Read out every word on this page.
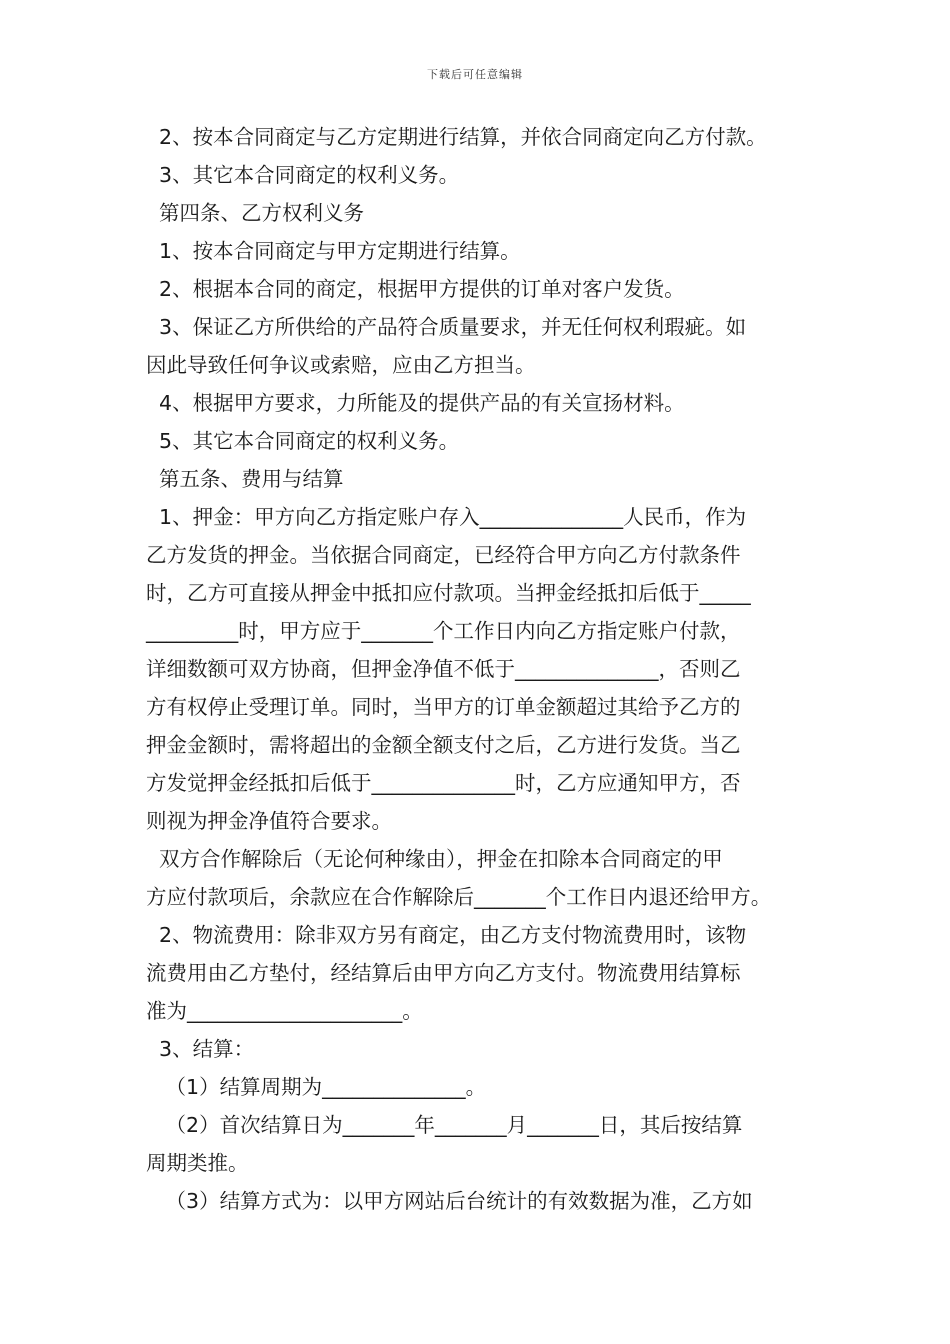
下载后可任意编辑
2、按本合同商定与乙方定期进行结算，并依合同商定向乙方付款。
3、其它本合同商定的权利义务。
第四条、乙方权利义务
1、按本合同商定与甲方定期进行结算。
2、根据本合同的商定，根据甲方提供的订单对客户发货。
3、保证乙方所供给的产品符合质量要求，并无任何权利瑕疵。如
因此导致任何争议或索赔，应由乙方担当。
4、根据甲方要求，力所能及的提供产品的有关宣扬材料。
5、其它本合同商定的权利义务。
第五条、费用与结算
1、押金：甲方向乙方指定账户存入______________人民币，作为
乙方发货的押金。当依据合同商定，已经符合甲方向乙方付款条件
时，乙方可直接从押金中抵扣应付款项。当押金经抵扣后低于_____
_________时，甲方应于_______个工作日内向乙方指定账户付款，
详细数额可双方协商，但押金净值不低于______________，否则乙
方有权停止受理订单。同时，当甲方的订单金额超过其给予乙方的
押金金额时，需将超出的金额全额支付之后，乙方进行发货。当乙
方发觉押金经抵扣后低于______________时，乙方应通知甲方，否
则视为押金净值符合要求。
双方合作解除后（无论何种缘由），押金在扣除本合同商定的甲
方应付款项后，余款应在合作解除后_______个工作日内退还给甲方。
2、物流费用：除非双方另有商定，由乙方支付物流费用时，该物
流费用由乙方垫付，经结算后由甲方向乙方支付。物流费用结算标
准为_____________________。
3、结算：
（1）结算周期为______________。
（2）首次结算日为_______年_______月_______日，其后按结算
周期类推。
（3）结算方式为：以甲方网站后台统计的有效数据为准，乙方如
